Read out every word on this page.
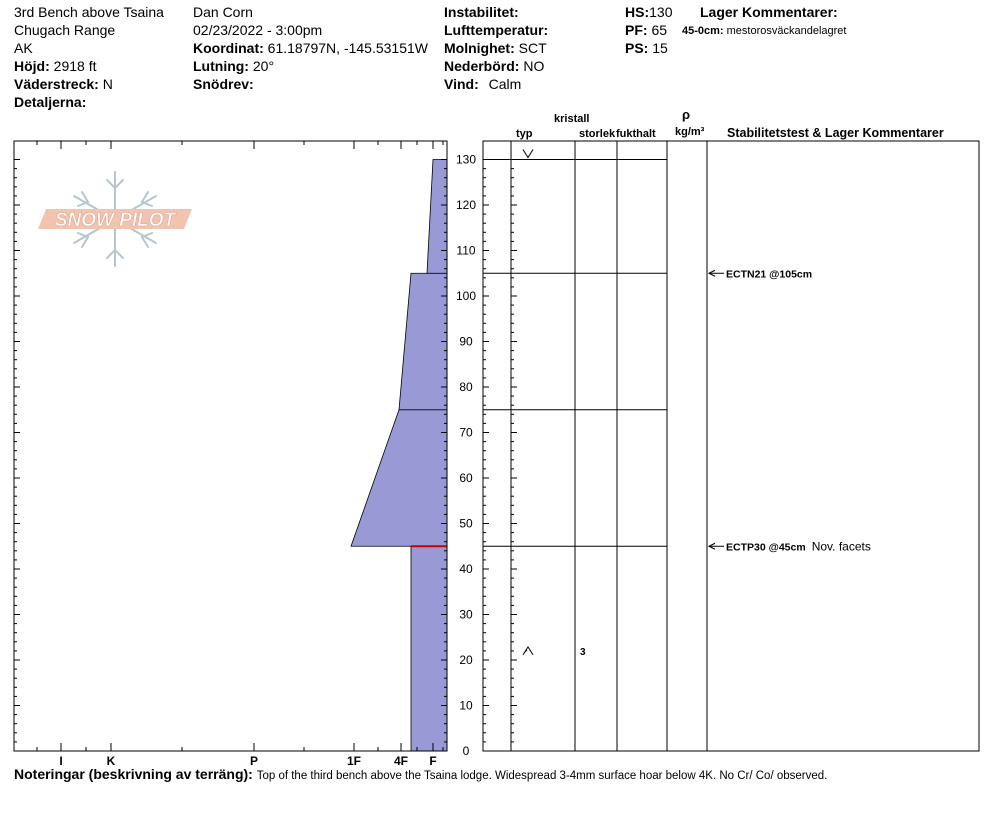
3rd Bench above Tsaina
Chugach Range
AK
Höjd: 2918 ft
Väderstreck: N
Detaljerna:
Dan Corn
02/23/2022 - 3:00pm
Koordinat: 61.18797N, -145.53151W
Lutning: 20°
Snödrev:
Instabilitet:
Lufttemperatur:
Molnighet: SCT
Nederbörd: NO
Vind: Calm
HS:130
PF: 65
PS: 15
Lager Kommentarer:
45-0cm: mestorosväckandelagret
kristall
typ	storlek fukthalt
ρ
kg/m³ Stabilitetstest & Lager Kommentarer
SNOW PILOT
0
10
20
30
40
50
60
70
80
90
100
110
120
130
I	K	P	1F	4F F
3
ECTN21 @105cm
ECTP30 @45cm Nov. facets
Noteringar (beskrivning av terräng): Top of the third bench above the Tsaina lodge. Widespread 3-4mm surface hoar below 4K. No Cr/ Co/ observed.
